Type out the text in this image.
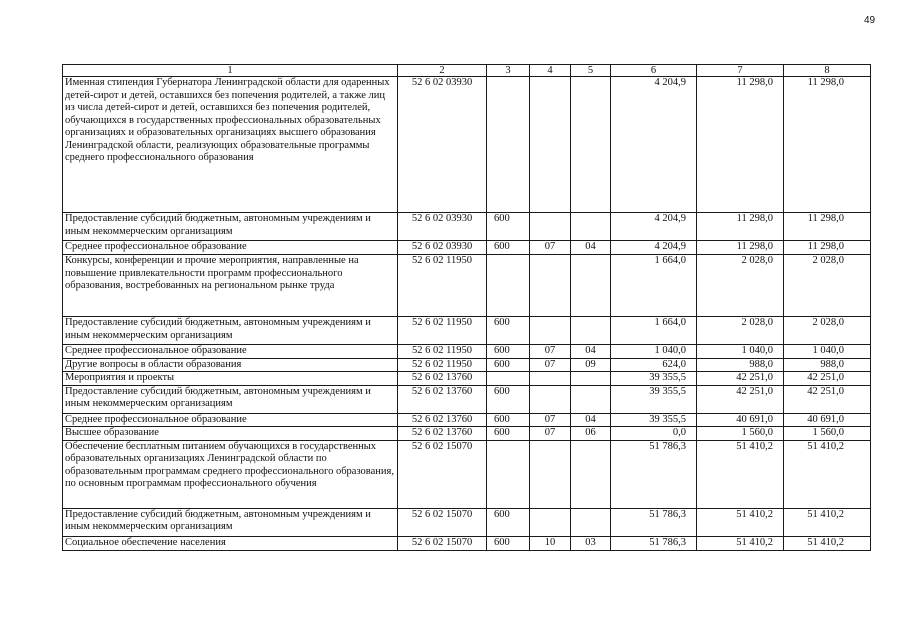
49
1	2	3	4	5	6	7	8
Именная стипендия Губернатора Ленинградской области для одаренных детей-сирот и детей, оставшихся без попечения родителей, а также лиц из числа детей-сирот и детей, оставшихся без попечения родителей, обучающихся в государственных профессиональных образовательных организациях и образовательных организациях высшего образования Ленинградской области, реализующих образовательные программы среднего профессионального образования	52 6 02 03930				4 204,9	11 298,0	11 298,0
Предоставление субсидий бюджетным, автономным учреждениям и иным некоммерческим организациям	52 6 02 03930	600			4 204,9	11 298,0	11 298,0
Среднее профессиональное образование	52 6 02 03930	600	07	04	4 204,9	11 298,0	11 298,0
Конкурсы, конференции и прочие мероприятия, направленные на повышение привлекательности программ профессионального образования, востребованных на региональном рынке труда	52 6 02 11950				1 664,0	2 028,0	2 028,0
Предоставление субсидий бюджетным, автономным учреждениям и иным некоммерческим организациям	52 6 02 11950	600			1 664,0	2 028,0	2 028,0
Среднее профессиональное образование	52 6 02 11950	600	07	04	1 040,0	1 040,0	1 040,0
Другие вопросы в области образования	52 6 02 11950	600	07	09	624,0	988,0	988,0
Мероприятия и проекты	52 6 02 13760				39 355,5	42 251,0	42 251,0
Предоставление субсидий бюджетным, автономным учреждениям и иным некоммерческим организациям	52 6 02 13760	600			39 355,5	42 251,0	42 251,0
Среднее профессиональное образование	52 6 02 13760	600	07	04	39 355,5	40 691,0	40 691,0
Высшее образование	52 6 02 13760	600	07	06	0,0	1 560,0	1 560,0
Обеспечение бесплатным питанием обучающихся в государственных образовательных организациях Ленинградской области по образовательным программам среднего профессионального образования, по основным программам профессионального обучения	52 6 02 15070				51 786,3	51 410,2	51 410,2
Предоставление субсидий бюджетным, автономным учреждениям и иным некоммерческим организациям	52 6 02 15070	600			51 786,3	51 410,2	51 410,2
Социальное обеспечение населения	52 6 02 15070	600	10	03	51 786,3	51 410,2	51 410,2
